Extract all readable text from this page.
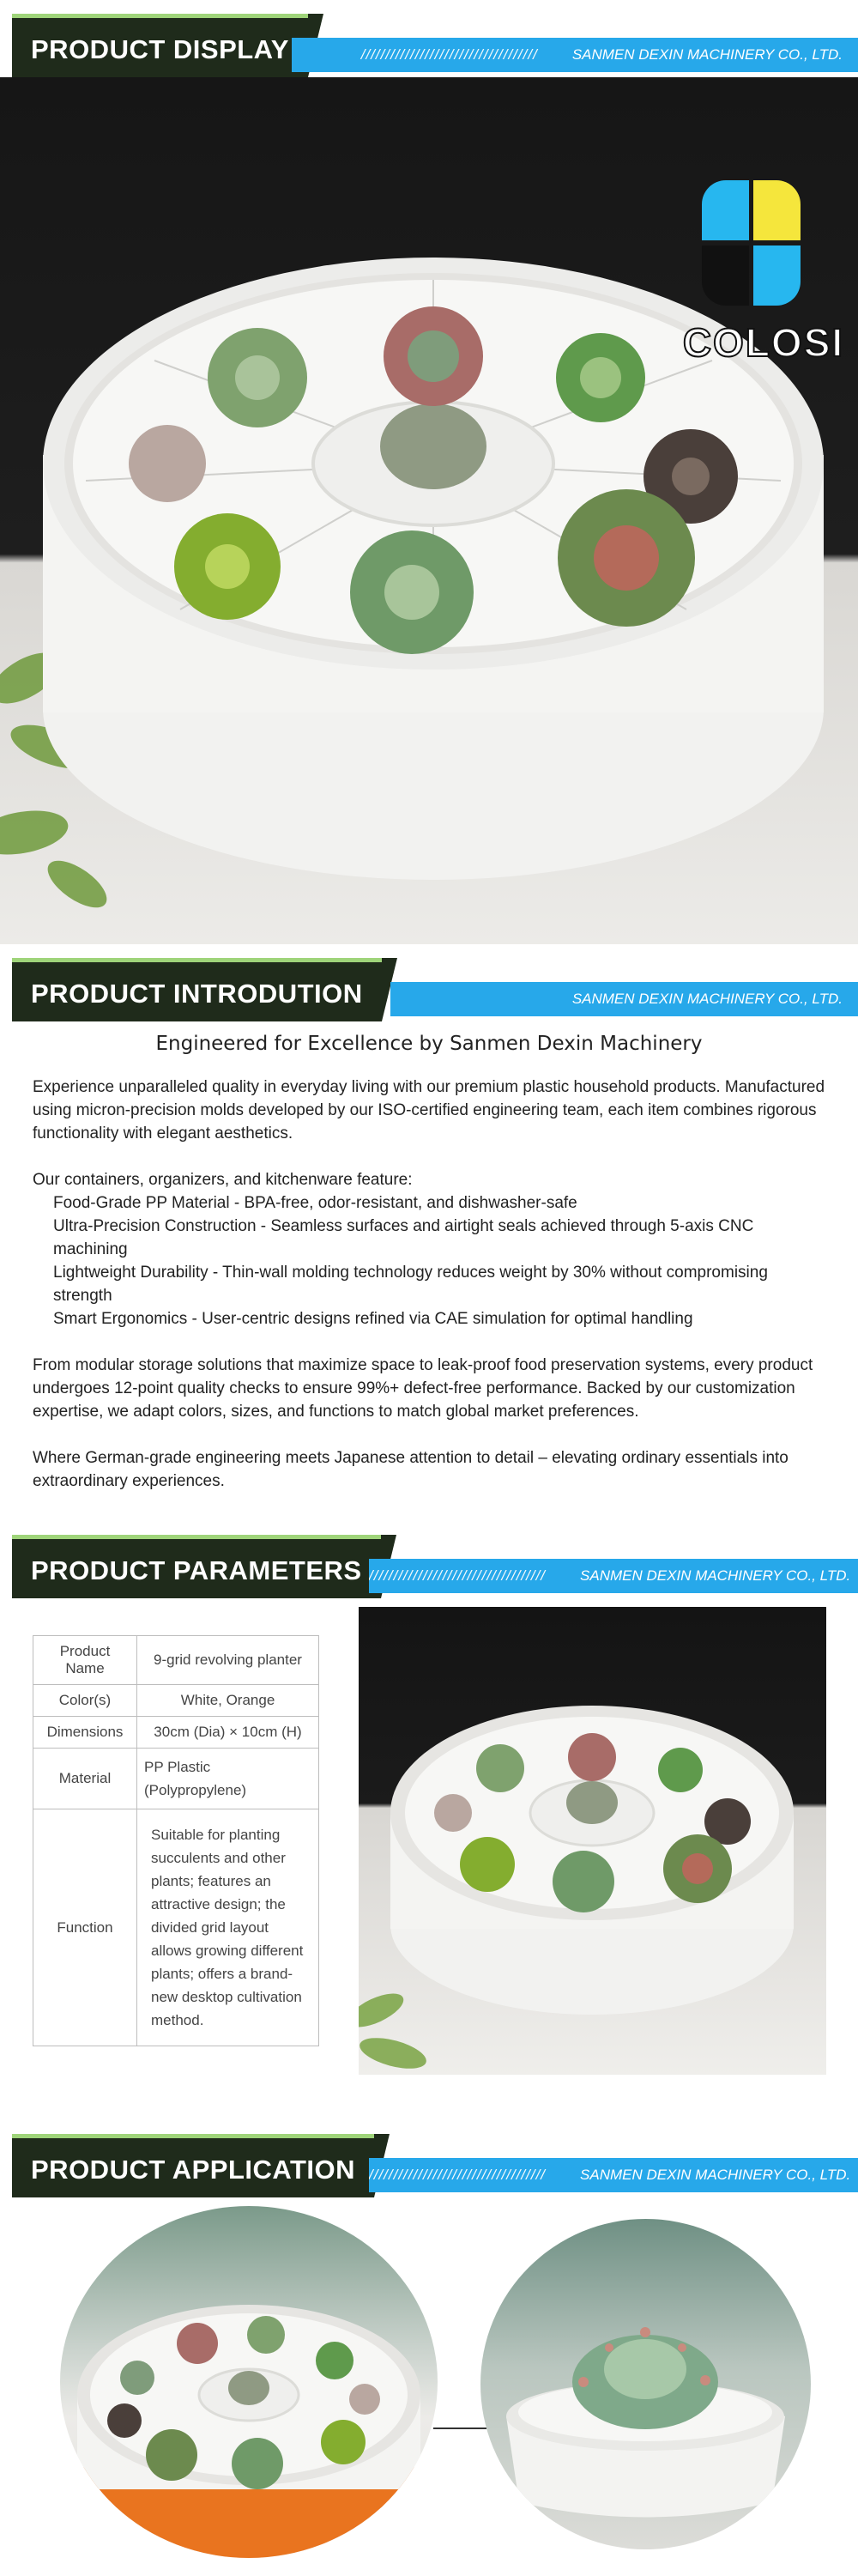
PRODUCT DISPLAY	//////////////////////////////////// SANMEN DEXIN MACHINERY CO., LTD.
COLOSI
PRODUCT INTRODUTION	SANMEN DEXIN MACHINERY CO., LTD.
Engineered for Excellence by Sanmen Dexin Machinery

Experience unparalleled quality in everyday living with our premium plastic household products. Manufactured using micron-precision molds developed by our ISO-certified engineering team, each item combines rigorous functionality with elegant aesthetics.

Our containers, organizers, and kitchenware feature:
Food-Grade PP Material - BPA-free, odor-resistant, and dishwasher-safe
Ultra-Precision Construction - Seamless surfaces and airtight seals achieved through 5-axis CNC machining
Lightweight Durability - Thin-wall molding technology reduces weight by 30% without compromising strength
Smart Ergonomics - User-centric designs refined via CAE simulation for optimal handling

From modular storage solutions that maximize space to leak-proof food preservation systems, every product undergoes 12-point quality checks to ensure 99%+ defect-free performance. Backed by our customization expertise, we adapt colors, sizes, and functions to match global market preferences.

Where German-grade engineering meets Japanese attention to detail – elevating ordinary essentials into extraordinary experiences.

PRODUCT PARAMETERS //////////////////////////////////// SANMEN DEXIN MACHINERY CO., LTD.
Product Name	9-grid revolving planter
Color(s)	White, Orange
Dimensions	30cm (Dia) × 10cm (H)
Material	PP Plastic (Polypropylene)
Function	Suitable for planting succulents and other plants; features an attractive design; the divided grid layout allows growing different plants; offers a brand-new desktop cultivation method.
PRODUCT APPLICATION //////////////////////////////////// SANMEN DEXIN MACHINERY CO., LTD.
